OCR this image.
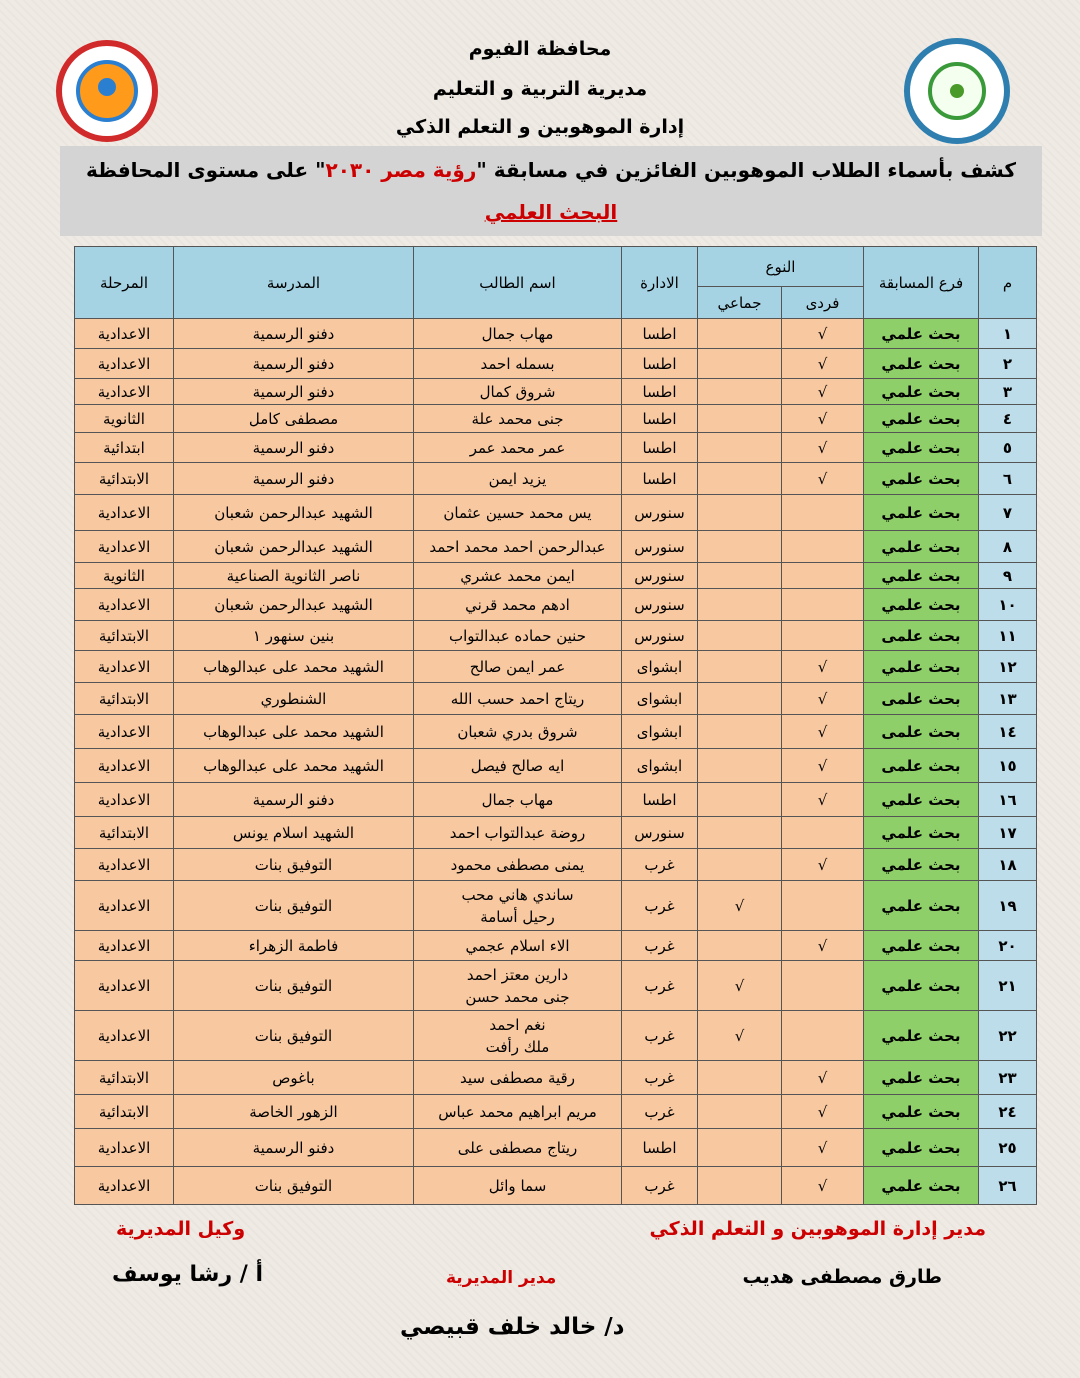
محافظة الفيوم
مديرية التربية و التعليم
إدارة الموهوبين و التعلم الذكي
كشف بأسماء الطلاب الموهوبين الفائزين في مسابقة "رؤية مصر ٢٠٣٠" على مستوى المحافظة
البحث العلمي
م	فرع المسابقة	النوع		الادارة	اسم الطالب	المدرسة	المرحلة
		فردى	جماعي				
١	بحث علمي	√		اطسا	مهاب جمال	دفنو الرسمية	الاعدادية
٢	بحث علمي	√		اطسا	بسمله احمد	دفنو الرسمية	الاعدادية
٣	بحث علمي	√		اطسا	شروق كمال	دفنو الرسمية	الاعدادية
٤	بحث علمي	√		اطسا	جنى محمد علة	مصطفى كامل	الثانوية
٥	بحث علمي	√		اطسا	عمر محمد عمر	دفنو الرسمية	ابتدائية
٦	بحث علمي	√		اطسا	يزيد ايمن	دفنو الرسمية	الابتدائية
٧	بحث علمي			سنورس	يس محمد حسين عثمان	الشهيد عبدالرحمن شعبان	الاعدادية
٨	بحث علمي			سنورس	عبدالرحمن احمد محمد احمد	الشهيد عبدالرحمن شعبان	الاعدادية
٩	بحث علمي			سنورس	ايمن محمد عشري	ناصر الثانوية الصناعية	الثانوية
١٠	بحث علمي			سنورس	ادهم محمد قرني	الشهيد عبدالرحمن شعبان	الاعدادية
١١	بحث علمى			سنورس	حنين حماده عبدالتواب	بنين سنهور ١	الابتدائية
١٢	بحث علمي	√		ابشواى	عمر ايمن صالح	الشهيد محمد على عبدالوهاب	الاعدادية
١٣	بحث علمى	√		ابشواى	ريتاج احمد حسب الله	الشنطوري	الابتدائية
١٤	بحث علمى	√		ابشواى	شروق بدري شعبان	الشهيد محمد على عبدالوهاب	الاعدادية
١٥	بحث علمى	√		ابشواى	ايه صالح فيصل	الشهيد محمد على عبدالوهاب	الاعدادية
١٦	بحث علمي	√		اطسا	مهاب جمال	دفنو الرسمية	الاعدادية
١٧	بحث علمي			سنورس	روضة عبدالتواب احمد	الشهيد اسلام يونس	الابتدائية
١٨	بحث علمي	√		غرب	يمنى مصطفى محمود	التوفيق بنات	الاعدادية
١٩	بحث علمي		√	غرب	ساندي هاني محب
رحيل أسامة	التوفيق بنات	الاعدادية
٢٠	بحث علمي	√		غرب	الاء اسلام عجمي	فاطمة الزهراء	الاعدادية
٢١	بحث علمي		√	غرب	دارين معتز احمد
جنى محمد حسن	التوفيق بنات	الاعدادية
٢٢	بحث علمي		√	غرب	نغم احمد
ملك رأفت	التوفيق بنات	الاعدادية
٢٣	بحث علمي	√		غرب	رقية مصطفى سيد	باغوص	الابتدائية
٢٤	بحث علمي	√		غرب	مريم ابراهيم محمد عباس	الزهور الخاصة	الابتدائية
٢٥	بحث علمي	√		اطسا	ريتاج مصطفى على	دفنو الرسمية	الاعدادية
٢٦	بحث علمي	√		غرب	سما وائل	التوفيق بنات	الاعدادية
مدير إدارة الموهوبين و التعلم الذكي
طارق مصطفى هديب
وكيل المديرية
أ / رشا يوسف	مدير المديرية
د/ خالد خلف قبيصي
